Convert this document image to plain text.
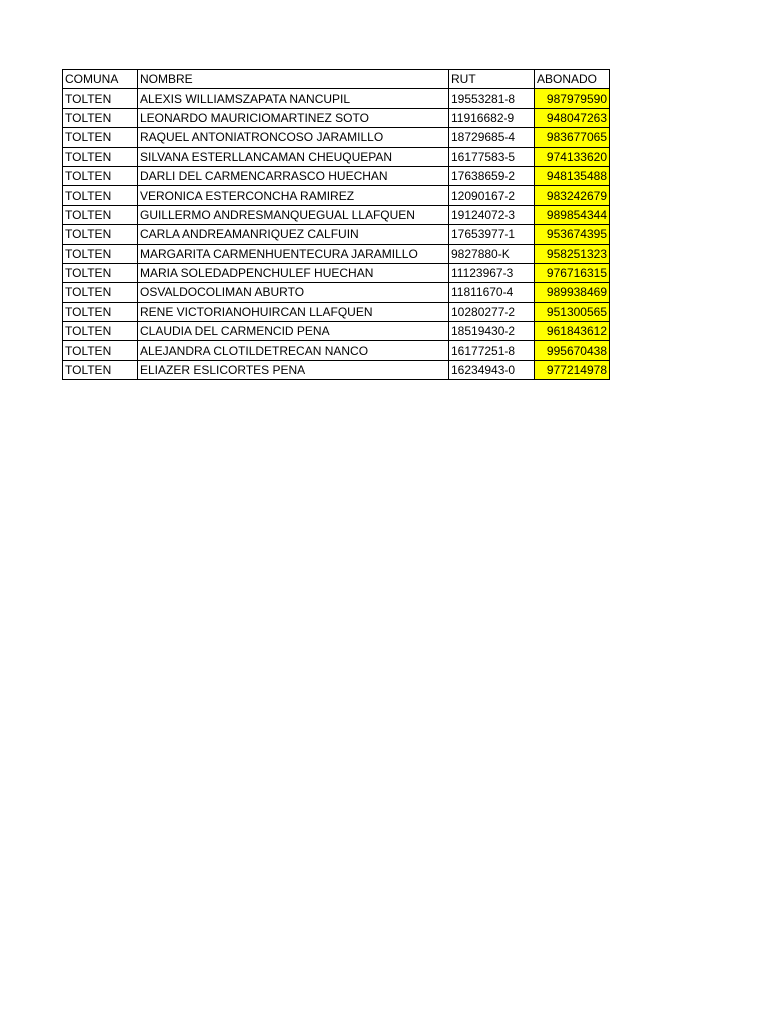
COMUNA	NOMBRE	RUT	ABONADO
TOLTEN	ALEXIS WILLIAMSZAPATA NANCUPIL	19553281-8	987979590
TOLTEN	LEONARDO MAURICIOMARTINEZ SOTO	11916682-9	948047263
TOLTEN	RAQUEL ANTONIATRONCOSO JARAMILLO	18729685-4	983677065
TOLTEN	SILVANA ESTERLLANCAMAN CHEUQUEPAN	16177583-5	974133620
TOLTEN	DARLI DEL CARMENCARRASCO HUECHAN	17638659-2	948135488
TOLTEN	VERONICA ESTERCONCHA RAMIREZ	12090167-2	983242679
TOLTEN	GUILLERMO ANDRESMANQUEGUAL LLAFQUEN	19124072-3	989854344
TOLTEN	CARLA ANDREAMANRIQUEZ CALFUIN	17653977-1	953674395
TOLTEN	MARGARITA CARMENHUENTECURA JARAMILLO	9827880-K	958251323
TOLTEN	MARIA SOLEDADPENCHULEF HUECHAN	11123967-3	976716315
TOLTEN	OSVALDOCOLIMAN ABURTO	11811670-4	989938469
TOLTEN	RENE VICTORIANOHUIRCAN LLAFQUEN	10280277-2	951300565
TOLTEN	CLAUDIA DEL CARMENCID PENA	18519430-2	961843612
TOLTEN	ALEJANDRA CLOTILDETRECAN NANCO	16177251-8	995670438
TOLTEN	ELIAZER ESLICORTES PENA	16234943-0	977214978
